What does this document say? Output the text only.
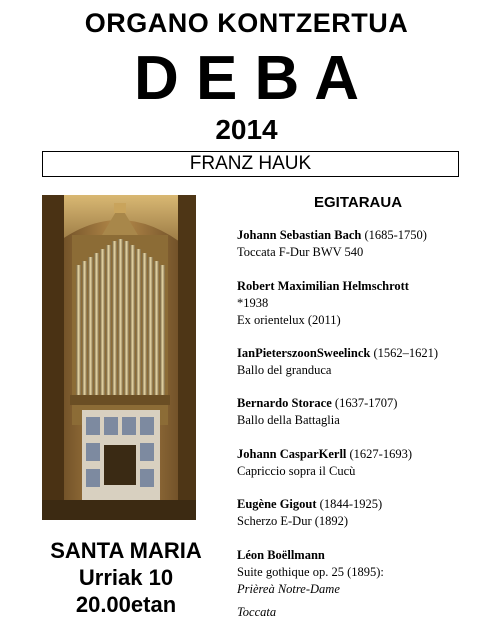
ORGANO KONTZERTUA
D E B A
2014
FRANZ HAUK
EGITARAUA
Johann Sebastian Bach (1685-1750)
Toccata F-Dur BWV 540
Robert Maximilian Helmschrott
*1938
Ex orientelux (2011)
IanPieterszoonSweelinck (1562–1621)
Ballo del granduca
Bernardo Storace (1637-1707)
Ballo della Battaglia
Johann CasparKerll (1627-1693)
Capriccio sopra il Cucù
Eugène Gigout (1844-1925)
Scherzo E-Dur (1892)
Léon Boëllmann
Suite gothique op. 25 (1895):
Prièreà Notre-Dame
Toccata
SANTA MARIA
Urriak 10
20.00etan
